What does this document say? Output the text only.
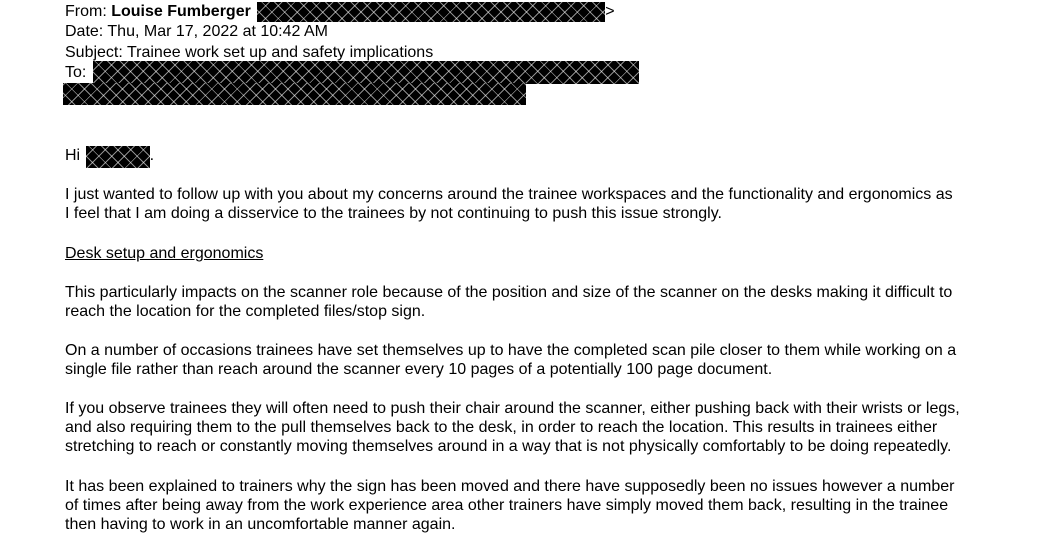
From: Louise Fumberger	>
Date: Thu, Mar 17, 2022 at 10:42 AM
Subject: Trainee work set up and safety implications
To:
Hi	.
I just wanted to follow up with you about my concerns around the trainee workspaces and the functionality and ergonomics as
I feel that I am doing a disservice to the trainees by not continuing to push this issue strongly.
Desk setup and ergonomics
This particularly impacts on the scanner role because of the position and size of the scanner on the desks making it difficult to
reach the location for the completed files/stop sign.
On a number of occasions trainees have set themselves up to have the completed scan pile closer to them while working on a
single file rather than reach around the scanner every 10 pages of a potentially 100 page document.
If you observe trainees they will often need to push their chair around the scanner, either pushing back with their wrists or legs,
and also requiring them to the pull themselves back to the desk, in order to reach the location. This results in trainees either
stretching to reach or constantly moving themselves around in a way that is not physically comfortably to be doing repeatedly.
It has been explained to trainers why the sign has been moved and there have supposedly been no issues however a number
of times after being away from the work experience area other trainers have simply moved them back, resulting in the trainee
then having to work in an uncomfortable manner again.
